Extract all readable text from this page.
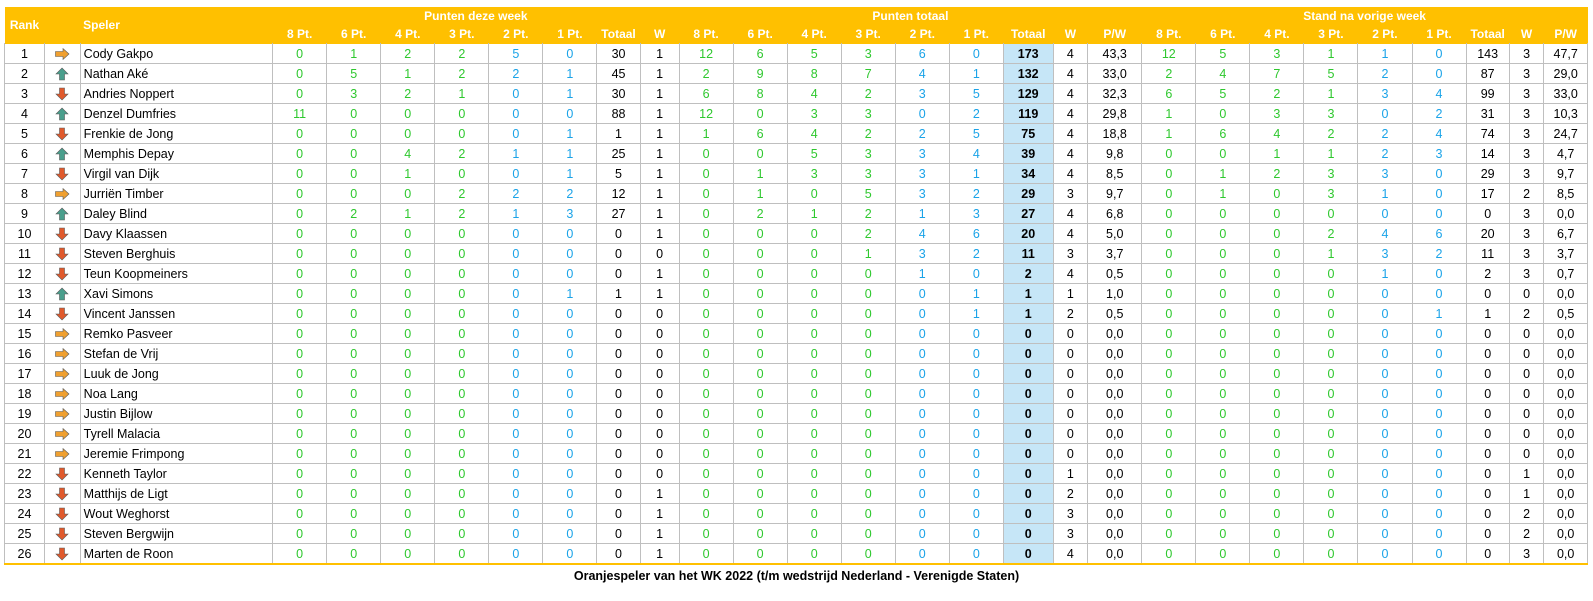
Rank		Speler	Punten deze week								Punten totaal									Stand na vorige week								
			8 Pt.	6 Pt.	4 Pt.	3 Pt.	2 Pt.	1 Pt.	Totaal	W	8 Pt.	6 Pt.	4 Pt.	3 Pt.	2 Pt.	1 Pt.	Totaal	W	P/W	8 Pt.	6 Pt.	4 Pt.	3 Pt.	2 Pt.	1 Pt.	Totaal	W	P/W
1		Cody Gakpo	0	1	2	2	5	0	30	1	12	6	5	3	6	0	173	4	43,3	12	5	3	1	1	0	143	3	47,7
2		Nathan Aké	0	5	1	2	2	1	45	1	2	9	8	7	4	1	132	4	33,0	2	4	7	5	2	0	87	3	29,0
3		Andries Noppert	0	3	2	1	0	1	30	1	6	8	4	2	3	5	129	4	32,3	6	5	2	1	3	4	99	3	33,0
4		Denzel Dumfries	11	0	0	0	0	0	88	1	12	0	3	3	0	2	119	4	29,8	1	0	3	3	0	2	31	3	10,3
5		Frenkie de Jong	0	0	0	0	0	1	1	1	1	6	4	2	2	5	75	4	18,8	1	6	4	2	2	4	74	3	24,7
6		Memphis Depay	0	0	4	2	1	1	25	1	0	0	5	3	3	4	39	4	9,8	0	0	1	1	2	3	14	3	4,7
7		Virgil van Dijk	0	0	1	0	0	1	5	1	0	1	3	3	3	1	34	4	8,5	0	1	2	3	3	0	29	3	9,7
8		Jurriën Timber	0	0	0	2	2	2	12	1	0	1	0	5	3	2	29	3	9,7	0	1	0	3	1	0	17	2	8,5
9		Daley Blind	0	2	1	2	1	3	27	1	0	2	1	2	1	3	27	4	6,8	0	0	0	0	0	0	0	3	0,0
10		Davy Klaassen	0	0	0	0	0	0	0	1	0	0	0	2	4	6	20	4	5,0	0	0	0	2	4	6	20	3	6,7
11		Steven Berghuis	0	0	0	0	0	0	0	0	0	0	0	1	3	2	11	3	3,7	0	0	0	1	3	2	11	3	3,7
12		Teun Koopmeiners	0	0	0	0	0	0	0	1	0	0	0	0	1	0	2	4	0,5	0	0	0	0	1	0	2	3	0,7
13		Xavi Simons	0	0	0	0	0	1	1	1	0	0	0	0	0	1	1	1	1,0	0	0	0	0	0	0	0	0	0,0
14		Vincent Janssen	0	0	0	0	0	0	0	0	0	0	0	0	0	1	1	2	0,5	0	0	0	0	0	1	1	2	0,5
15		Remko Pasveer	0	0	0	0	0	0	0	0	0	0	0	0	0	0	0	0	0,0	0	0	0	0	0	0	0	0	0,0
16		Stefan de Vrij	0	0	0	0	0	0	0	0	0	0	0	0	0	0	0	0	0,0	0	0	0	0	0	0	0	0	0,0
17		Luuk de Jong	0	0	0	0	0	0	0	0	0	0	0	0	0	0	0	0	0,0	0	0	0	0	0	0	0	0	0,0
18		Noa Lang	0	0	0	0	0	0	0	0	0	0	0	0	0	0	0	0	0,0	0	0	0	0	0	0	0	0	0,0
19		Justin Bijlow	0	0	0	0	0	0	0	0	0	0	0	0	0	0	0	0	0,0	0	0	0	0	0	0	0	0	0,0
20		Tyrell Malacia	0	0	0	0	0	0	0	0	0	0	0	0	0	0	0	0	0,0	0	0	0	0	0	0	0	0	0,0
21		Jeremie Frimpong	0	0	0	0	0	0	0	0	0	0	0	0	0	0	0	0	0,0	0	0	0	0	0	0	0	0	0,0
22		Kenneth Taylor	0	0	0	0	0	0	0	0	0	0	0	0	0	0	0	1	0,0	0	0	0	0	0	0	0	1	0,0
23		Matthijs de Ligt	0	0	0	0	0	0	0	1	0	0	0	0	0	0	0	2	0,0	0	0	0	0	0	0	0	1	0,0
24		Wout Weghorst	0	0	0	0	0	0	0	1	0	0	0	0	0	0	0	3	0,0	0	0	0	0	0	0	0	2	0,0
25		Steven Bergwijn	0	0	0	0	0	0	0	1	0	0	0	0	0	0	0	3	0,0	0	0	0	0	0	0	0	2	0,0
26		Marten de Roon	0	0	0	0	0	0	0	1	0	0	0	0	0	0	0	4	0,0	0	0	0	0	0	0	0	3	0,0
Oranjespeler van het WK 2022 (t/m wedstrijd Nederland - Verenigde Staten)
